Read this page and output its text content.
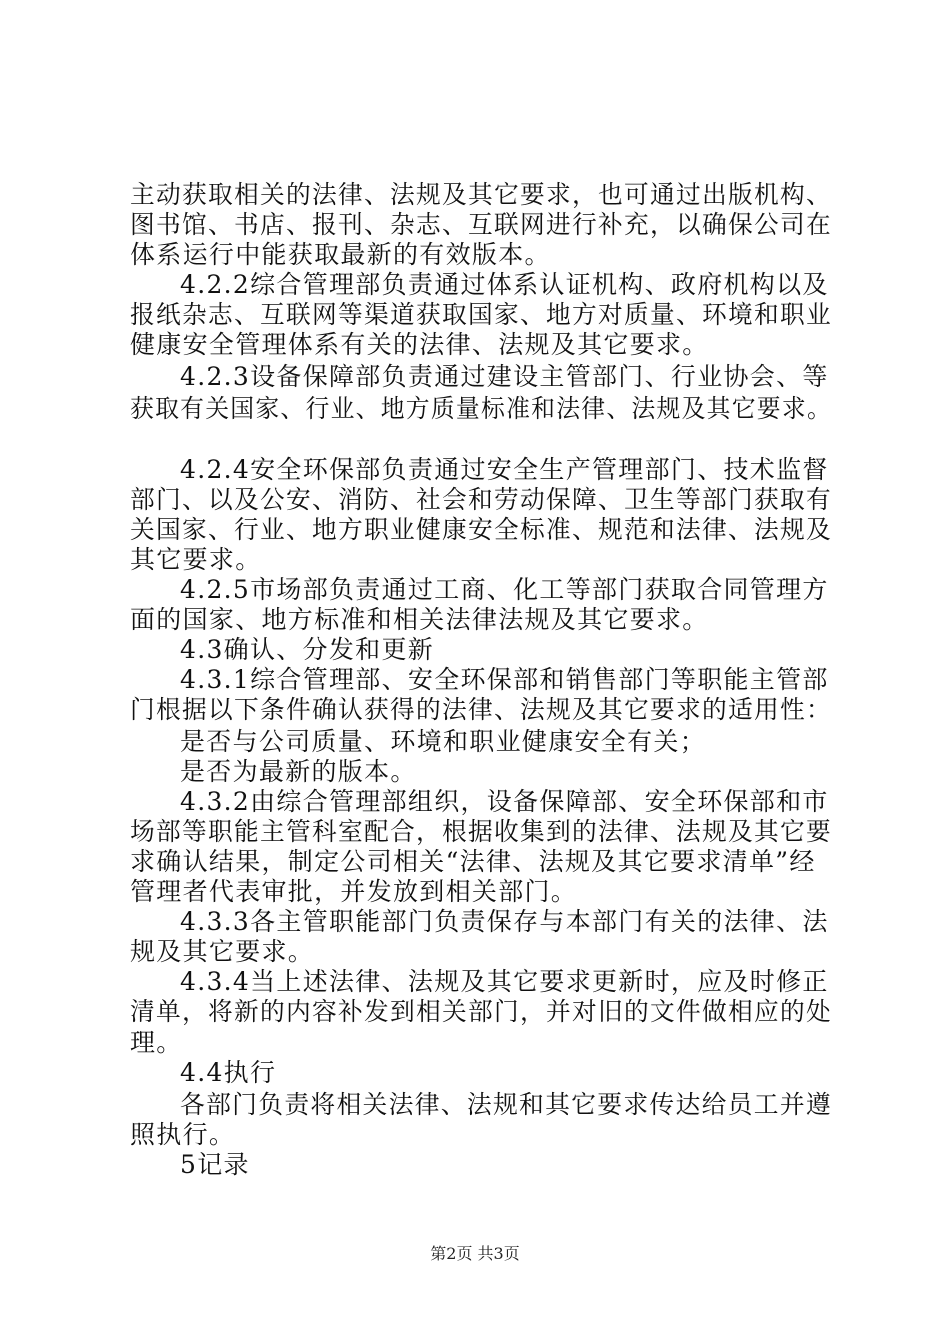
主动获取相关的法律、法规及其它要求，也可通过出版机构、
图书馆、书店、报刊、杂志、互联网进行补充，以确保公司在
体系运行中能获取最新的有效版本。
4.2.2综合管理部负责通过体系认证机构、政府机构以及
报纸杂志、互联网等渠道获取国家、地方对质量、环境和职业
健康安全管理体系有关的法律、法规及其它要求。
4.2.3设备保障部负责通过建设主管部门、行业协会、等
获取有关国家、行业、地方质量标准和法律、法规及其它要求。
4.2.4安全环保部负责通过安全生产管理部门、技术监督
部门、以及公安、消防、社会和劳动保障、卫生等部门获取有
关国家、行业、地方职业健康安全标准、规范和法律、法规及
其它要求。
4.2.5市场部负责通过工商、化工等部门获取合同管理方
面的国家、地方标准和相关法律法规及其它要求。
4.3确认、分发和更新
4.3.1综合管理部、安全环保部和销售部门等职能主管部
门根据以下条件确认获得的法律、法规及其它要求的适用性：
是否与公司质量、环境和职业健康安全有关；
是否为最新的版本。
4.3.2由综合管理部组织，设备保障部、安全环保部和市
场部等职能主管科室配合，根据收集到的法律、法规及其它要
求确认结果，制定公司相关“法律、法规及其它要求清单”经
管理者代表审批，并发放到相关部门。
4.3.3各主管职能部门负责保存与本部门有关的法律、法
规及其它要求。
4.3.4当上述法律、法规及其它要求更新时，应及时修正
清单，将新的内容补发到相关部门，并对旧的文件做相应的处
理。
4.4执行
各部门负责将相关法律、法规和其它要求传达给员工并遵
照执行。
5记录
第2页 共3页
